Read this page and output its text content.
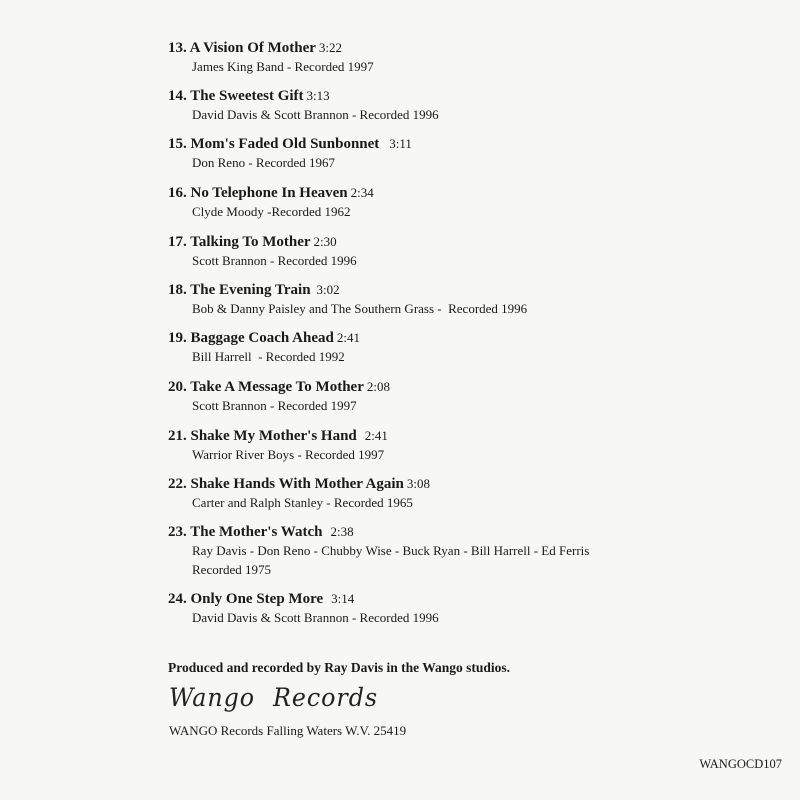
13. A Vision Of Mother 3:22
James King Band - Recorded 1997
14. The Sweetest Gift 3:13
David Davis & Scott Brannon - Recorded 1996
15. Mom's Faded Old Sunbonnet 3:11
Don Reno - Recorded 1967
16. No Telephone In Heaven 2:34
Clyde Moody -Recorded 1962
17. Talking To Mother 2:30
Scott Brannon - Recorded 1996
18. The Evening Train 3:02
Bob & Danny Paisley and The Southern Grass -  Recorded 1996
19. Baggage Coach Ahead 2:41
Bill Harrell  - Recorded 1992
20. Take A Message To Mother 2:08
Scott Brannon - Recorded 1997
21. Shake My Mother's Hand 2:41
Warrior River Boys - Recorded 1997
22. Shake Hands With Mother Again 3:08
Carter and Ralph Stanley - Recorded 1965
23. The Mother's Watch 2:38
Ray Davis - Don Reno - Chubby Wise - Buck Ryan - Bill Harrell - Ed Ferris
Recorded 1975
24. Only One Step More 3:14
David Davis & Scott Brannon - Recorded 1996
Produced and recorded by Ray Davis in the Wango studios.
Wango Records
WANGO Records Falling Waters W.V. 25419
WANGOCD107
